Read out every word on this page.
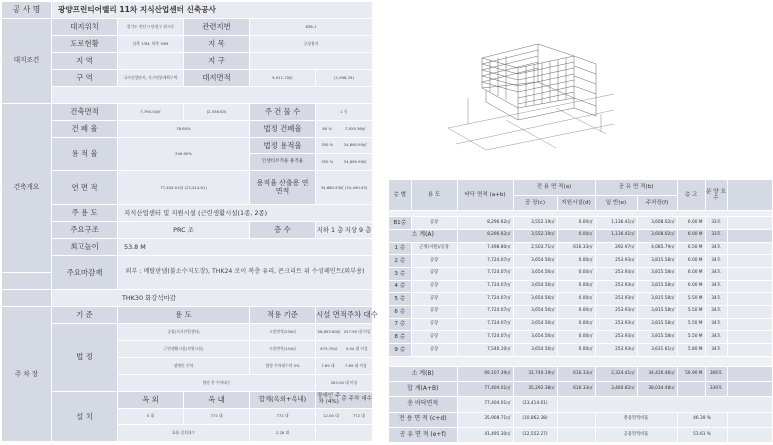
공 사 명	광양프런티어밸리 11차 지식산업센터 신축공사
대지조건
대지위치	경기도 안산시 단원구 원시동	관련지번	836-1
도로현황	남측 33M, 북측 30M	지 목	공장용지
지 역	지 구
구 역	국가산업단지, 지구단위계획구역	대지면적	9,911.70㎡	(2,998.29)
건축개요
건축면적	7,790.54㎡	(2,356.63)	주 건 물 수	1 동
건 폐 율	78.60%	법정 건폐율	80 %	7,929.36㎡
용 적 율	349.90%
법정 용적율	350 %	34,690.95㎡
인센티브적용 용적율	350 %	34,690.95㎡
연 면 적	77,404.01㎡ (23,414.61)	용적율 산출용 연면적	34,680.93㎡ (10,490.93)
주 용 도	지식산업센터 및 지원시설 (근린생활시설(1종, 2종)
주요구조	PRC 조	층 수	지하 1 층 지상 9 층
최고높이	53.8 M
주요마감재	외부 : 메탈판넬(불소수지도장), THK24 로이 복층 유리, 콘크리트 위 수성페인트(외부용)
THK30 화강석마감
주 차 장
기 준	용 도	적용 기준	시설 면적 주차 대수
법 정
공장(지식산업센터)	시설면적/230㎡	58,693.80㎡ 257.95 대 이상
근린생활시설(지원시설)	시설면적/134㎡	675.75㎡ 5.04 대 이상
장애인 주차	법정 주차대수의 3%	7.69 대	7.69 대 이상
법정 총 주차대수	263.00 대 이상
설 치
옥 외	옥 내	합계(옥외+옥내)	장애인 주차 (4%) 총 주차 대수
0 대	772 대	772 대	12.00 대	772 대
효율 설치대수	2.28 대
층 별	용 도	바닥 면적 (a+b)	전 용 면 적(a)		공 유 면 적(b)		층 고	분 양 호수	
			공 장(c)	지원시설(d)	일 반(e)	주차장(f)			

B1층	공장	8,296.62㎡	3,552.19㎡	0.00㎡	1,136.41㎡	3,608.02㎡	6.00 M	33호	
소 계(A)		8,296.62㎡	3,552.19㎡	0.00㎡	1,136.41㎡	3,608.02㎡	6.00 M	33호	
1 층	근생(지원)/공장	7,498.80㎡	2,503.71㎡	616.33㎡	292.97㎡	4,085.79㎡	6.50 M	34호	
2 층	공장	7,724.07㎡	3,654.56㎡	0.00㎡	253.93㎡	3,815.58㎡	6.00 M	34호	
3 층	공장	7,724.07㎡	3,654.56㎡	0.00㎡	253.93㎡	3,815.58㎡	6.00 M	34호	
4 층	공장	7,724.07㎡	3,654.56㎡	0.00㎡	253.93㎡	3,815.58㎡	6.00 M	34호	
5 층	공장	7,724.07㎡	3,654.56㎡	0.00㎡	253.93㎡	3,815.58㎡	5.50 M	34호	
6 층	공장	7,724.07㎡	3,654.56㎡	0.00㎡	253.93㎡	3,815.58㎡	5.50 M	34호	
7 층	공장	7,724.07㎡	3,654.56㎡	0.00㎡	253.93㎡	3,815.58㎡	5.50 M	34호	
8 층	공장	7,724.07㎡	3,654.56㎡	0.00㎡	253.93㎡	3,815.58㎡	5.50 M	34호	
9 층	공장	7,540.10㎡	3,654.56㎡	0.00㎡	253.93㎡	3,631.61㎡	5.80 M	34호	

소 계(B)		69,107.39㎡	31,740.19㎡	616.33㎡	2,324.41㎡	34,426.46㎡	56.90 M	306호	
합 계(A+B)		77,404.01㎡	35,292.38㎡	616.33㎡	3,460.82㎡	38,034.48㎡		339호	
총 바닥면적		77,404.01㎡	(23,414.61)						
전 용 면 적 (c+d)		35,908.71㎡	(10,862.38)		전용면적비율		46.39 %		
공 유 면 적 (e+f)		41,495.30㎡	(12,552.27)		공용면적비율		53.61 %		
